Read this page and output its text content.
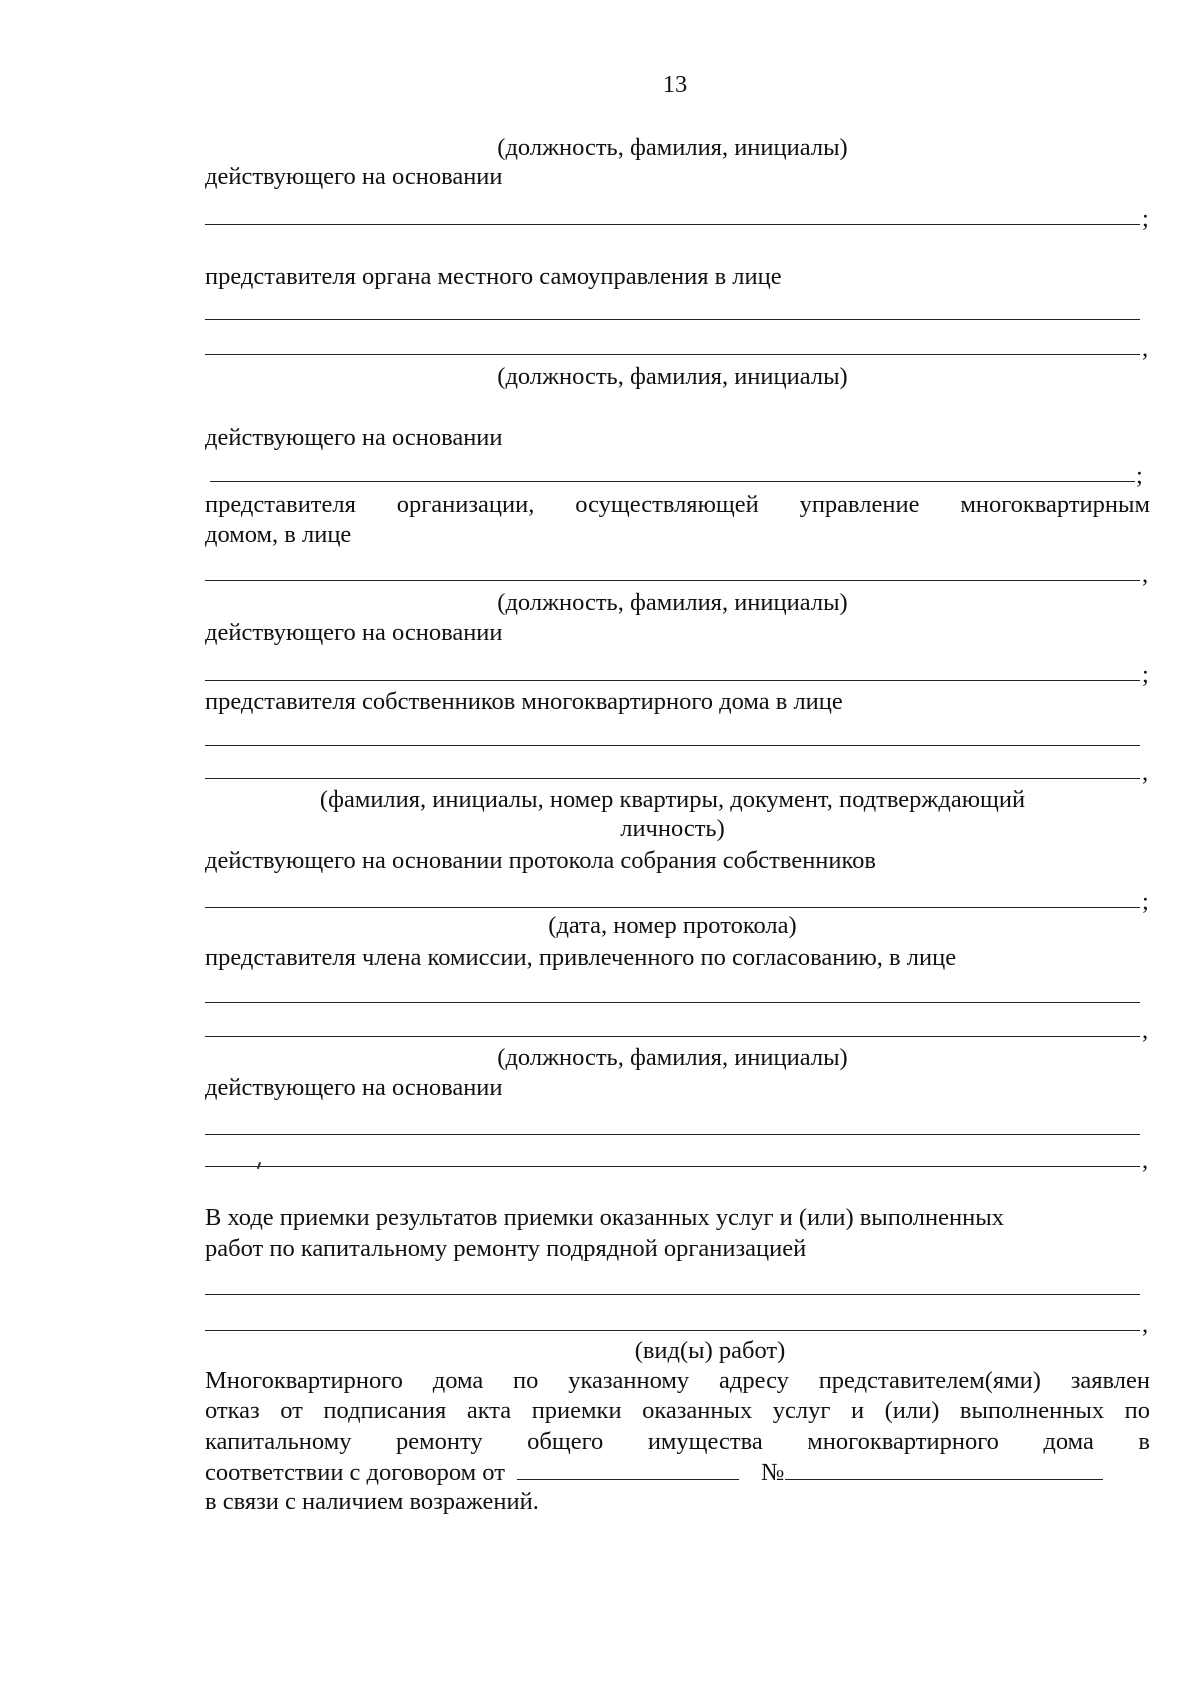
13
(должность, фамилия, инициалы)
действующего на основании
;
представителя органа местного самоуправления в лице
,
(должность, фамилия, инициалы)
действующего на основании
;
представителя организации, осуществляющей управление многоквартирным
домом, в лице
,
(должность, фамилия, инициалы)
действующего на основании
;
представителя собственников многоквартирного дома в лице
,
(фамилия, инициалы, номер квартиры, документ, подтверждающий
личность)
действующего на основании протокола собрания собственников
;
(дата, номер протокола)
представителя члена комиссии, привлеченного по согласованию, в лице
,
(должность, фамилия, инициалы)
действующего на основании
,
В ходе приемки результатов приемки оказанных услуг и (или) выполненных
работ по капитальному ремонту подрядной организацией
,
(вид(ы) работ)
Многоквартирного дома по указанному адресу представителем(ями) заявлен
отказ от подписания акта приемки оказанных услуг и (или) выполненных по
капитальному ремонту общего имущества многоквартирного дома в
соответствии с договором от	№
в связи с наличием возражений.
